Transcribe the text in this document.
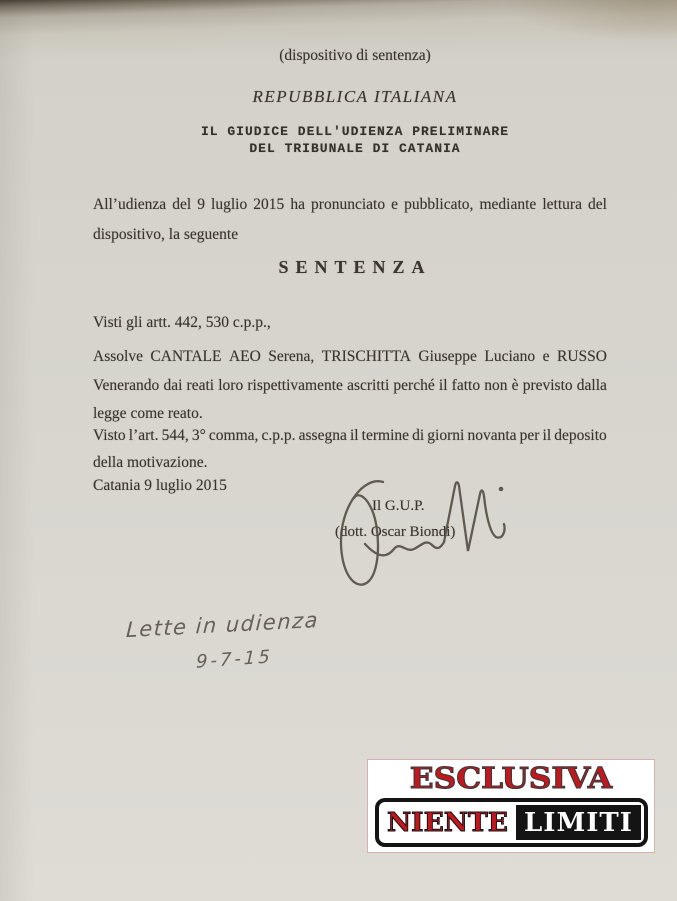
(dispositivo di sentenza)
REPUBBLICA ITALIANA
IL GIUDICE DELL'UDIENZA PRELIMINARE
DEL TRIBUNALE DI CATANIA
All’udienza del 9 luglio 2015 ha pronunciato e pubblicato, mediante lettura del
dispositivo, la seguente
SENTENZA
Visti gli artt. 442, 530 c.p.p.,
Assolve CANTALE AEO Serena, TRISCHITTA Giuseppe Luciano e RUSSO
Venerando dai reati loro rispettivamente ascritti perché il fatto non è previsto dalla
legge come reato.
Visto l’art. 544, 3° comma, c.p.p. assegna il termine di giorni novanta per il deposito
della motivazione.
Catania 9 luglio 2015
Il G.U.P.
(dott. Oscar Biondi)
Lette in udienza
9-7-15
ESCLUSIVA
NIENTE LIMITI
